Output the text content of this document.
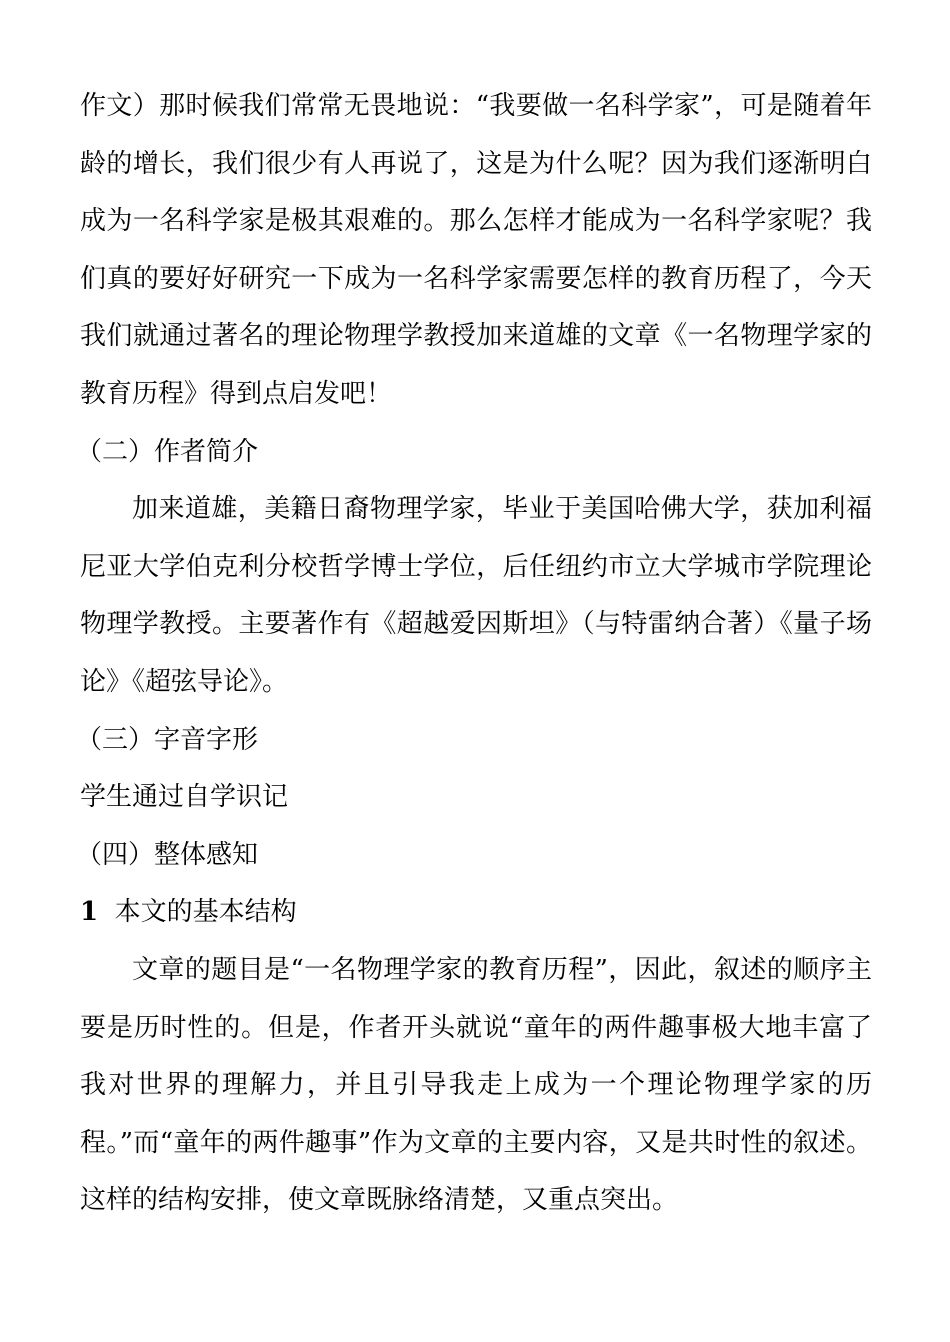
作文）那时候我们常常无畏地说：“我要做一名科学家”，可是随着年龄的增长，我们很少有人再说了，这是为什么呢？因为我们逐渐明白成为一名科学家是极其艰难的。那么怎样才能成为一名科学家呢？我们真的要好好研究一下成为一名科学家需要怎样的教育历程了，今天我们就通过著名的理论物理学教授加来道雄的文章《一名物理学家的教育历程》得到点启发吧！

（二）作者简介

加来道雄，美籍日裔物理学家，毕业于美国哈佛大学，获加利福尼亚大学伯克利分校哲学博士学位，后任纽约市立大学城市学院理论物理学教授。主要著作有《超越爱因斯坦》（与特雷纳合著）《量子场论》《超弦导论》。

（三）字音字形

学生通过自学识记

（四）整体感知

1 本文的基本结构

文章的题目是“一名物理学家的教育历程”，因此，叙述的顺序主要是历时性的。但是，作者开头就说“童年的两件趣事极大地丰富了我对世界的理解力，并且引导我走上成为一个理论物理学家的历程。”而“童年的两件趣事”作为文章的主要内容，又是共时性的叙述。这样的结构安排，使文章既脉络清楚，又重点突出。
